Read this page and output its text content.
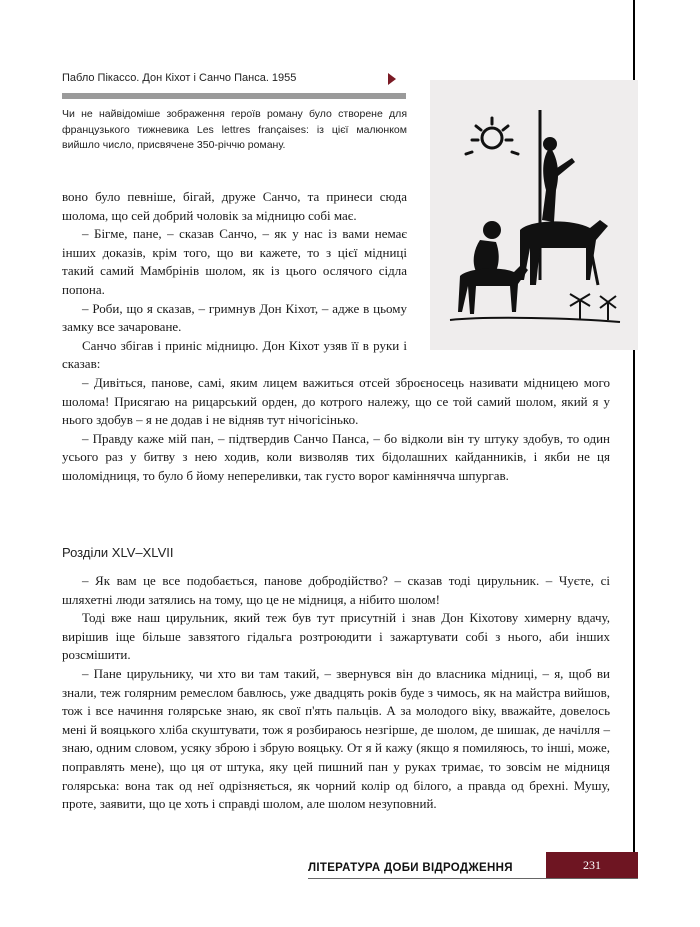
Пабло Пікассо. Дон Кіхот і Санчо Панса. 1955
Чи не найвідоміше зображення героїв роману було створене для французького тижневика Les lettres françaises: із цієї малюнком вийшло число, присвячене 350-річчю роману.

воно було певніше, бігай, друже Санчо, та принеси сюда шолома, що сей добрий чоловік за мідницю собі має.

– Бігме, пане, – сказав Санчо, – як у нас із вами немає інших доказів, крім того, що ви кажете, то з цієї мідниці такий самий Мамбрінів шолом, як із цього ослячого сідла попона.

– Роби, що я сказав, – гримнув Дон Кіхот, – адже в цьому замку все зачароване.

Санчо збігав і приніс мідницю. Дон Кіхот узяв її в руки і сказав:

– Дивіться, панове, самі, яким лицем важиться отсей зброєносець називати мідницею мого шолома! Присягаю на рицарський орден, до котрого належу, що се той самий шолом, який я у нього здобув – я не додав і не відняв тут нічогісінько.

– Правду каже мій пан, – підтвердив Санчо Панса, – бо відколи він ту штуку здобув, то один усього раз у битву з нею ходив, коли визволяв тих бідолашних кайданників, і якби не ця шоломідниця, то було б йому непереливки, так густо ворог каміннячча шпургав.

Розділи XLV–XLVII

– Як вам це все подобається, панове добродійство? – сказав тоді цирульник. – Чуєте, сі шляхетні люди затялись на тому, що це не мідниця, а нібито шолом!

Тоді вже наш цирульник, який теж був тут присутній і знав Дон Кіхотову химерну вдачу, вирішив іще більше завзятого гідальга розтроюдити і зажартувати собі з нього, аби інших розсмішити.

– Пане цирульнику, чи хто ви там такий, – звернувся він до власника мідниці, – я, щоб ви знали, теж голярним ремеслом бавлюсь, уже двадцять років буде з чимось, як на майстра вийшов, тож і все начиння голярське знаю, як свої п'ять пальців. А за молодого віку, вважайте, довелось мені й вояцького хліба скуштувати, тож я розбираюсь незгірше, де шолом, де шишак, де начілля – знаю, одним словом, усяку зброю і збрую вояцьку. От я й кажу (якщо я помиляюсь, то інші, може, поправлять мене), що ця от штука, яку цей пишний пан у руках тримає, то зовсім не мідниця голярська: вона так од неї одрізняється, як чорний колір од білого, а правда од брехні. Мушу, проте, заявити, що це хоть і справді шолом, але шолом незуповний.

ЛІТЕРАТУРА ДОБИ ВІДРОДЖЕННЯ	231
